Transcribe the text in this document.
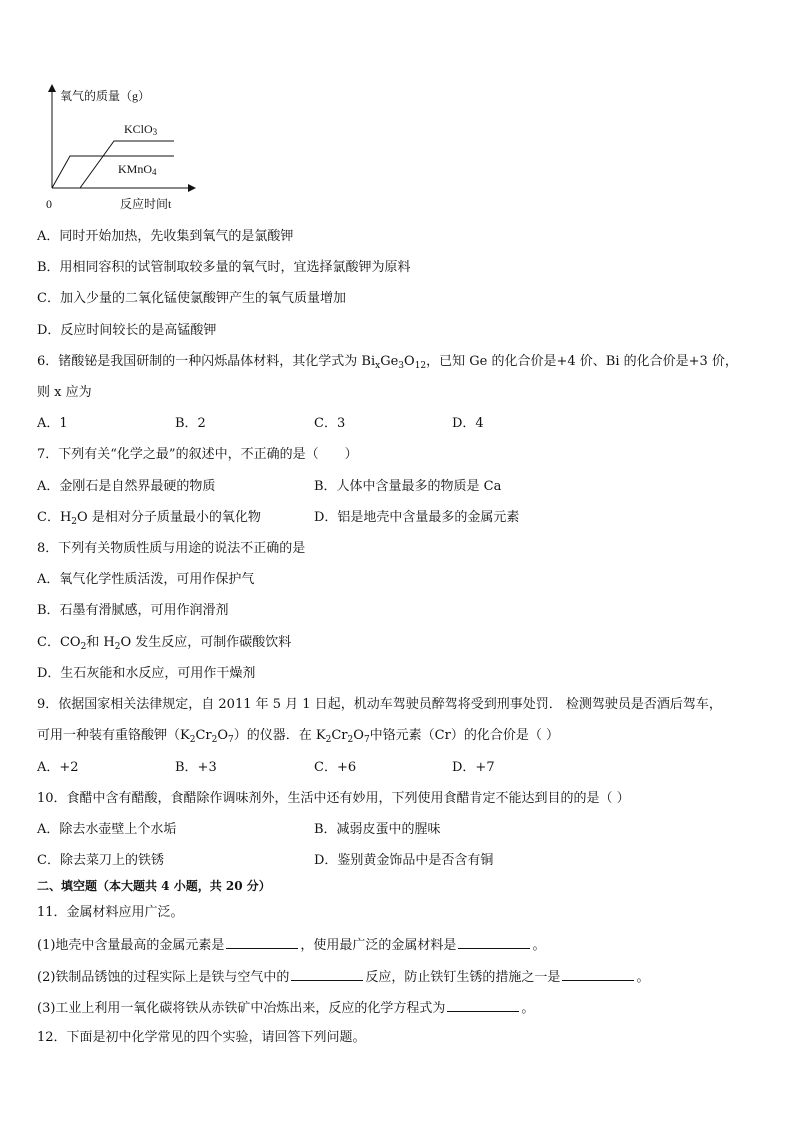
氧气的质量（g）
0	反应时间t
KClO3
KMnO4
A．同时开始加热，先收集到氧气的是氯酸钾
B．用相同容积的试管制取较多量的氧气时，宜选择氯酸钾为原料
C．加入少量的二氧化锰使氯酸钾产生的氧气质量增加
D．反应时间较长的是高锰酸钾
6．锗酸铋是我国研制的一种闪烁晶体材料，其化学式为 $Bi_xGe_3O_{12}$，已知 Ge 的化合价是+4 价、Bi 的化合价是+3 价，
则 x 应为
A．1	B．2	C．3	D．4
7．下列有关“化学之最”的叙述中，不正确的是（　　）
A．金刚石是自然界最硬的物质	B．人体中含量最多的物质是 Ca
C．$H_2O$ 是相对分子质量最小的氧化物	D．铝是地壳中含量最多的金属元素
8．下列有关物质性质与用途的说法不正确的是
A．氧气化学性质活泼，可用作保护气
B．石墨有滑腻感，可用作润滑剂
C．$CO_2$和 $H_2O$ 发生反应，可制作碳酸饮料
D．生石灰能和水反应，可用作干燥剂
9．依据国家相关法律规定，自 2011 年 5 月 1 日起，机动车驾驶员醉驾将受到刑事处罚． 检测驾驶员是否酒后驾车，
可用一种装有重铬酸钾$(K_2Cr_2O_7)$的仪器．在 $K_2Cr_2O_7$中铬元素（Cr）的化合价是（ ）
A．+2	B．+3	C．+6	D．+7
10．食醋中含有醋酸，食醋除作调味剂外，生活中还有妙用，下列使用食醋肯定不能达到目的的是（ ）
A．除去水壶壁上个水垢	B．减弱皮蛋中的腥味
C．除去菜刀上的铁锈	D．鉴别黄金饰品中是否含有铜
二、填空题（本大题共 4 小题，共 20 分）
11．金属材料应用广泛。
(1)地壳中含量最高的金属元素是	，使用最广泛的金属材料是	。
(2)铁制品锈蚀的过程实际上是铁与空气中的	反应，防止铁钉生锈的措施之一是	。
(3)工业上利用一氧化碳将铁从赤铁矿中冶炼出来，反应的化学方程式为	。
12．下面是初中化学常见的四个实验，请回答下列问题。
